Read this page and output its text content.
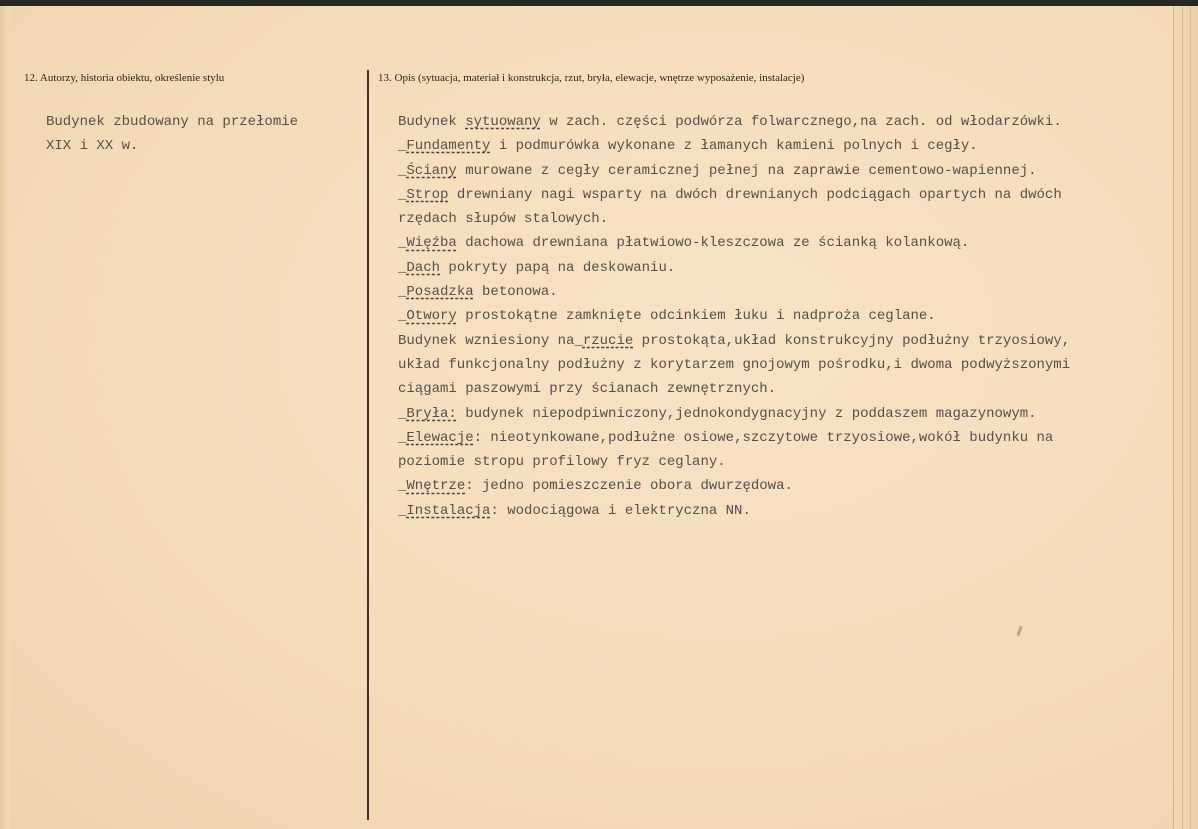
12. Autorzy, historia obiektu, określenie stylu	13. Opis (sytuacja, materiał i konstrukcja, rzut, bryła, elewacje, wnętrze wyposażenie, instalacje)
Budynek zbudowany na przełomie
XIX i XX w.
Budynek sytuowany w zach. części podwórza folwarcznego,na zach. od włodarzówki.
_Fundamenty i podmurówka wykonane z łamanych kamieni polnych i cegły.
_Ściany murowane z cegły ceramicznej pełnej na zaprawie cementowo-wapiennej.
_Strop drewniany nagi wsparty na dwóch drewnianych podciągach opartych na dwóch
rzędach słupów stalowych.
_Więźba dachowa drewniana płatwiowo-kleszczowa ze ścianką kolankową.
_Dach pokryty papą na deskowaniu.
_Posadzka betonowa.
_Otwory prostokątne zamknięte odcinkiem łuku i nadproża ceglane.
Budynek wzniesiony na_rzucie prostokąta,układ konstrukcyjny podłużny trzyosiowy,
układ funkcjonalny podłużny z korytarzem gnojowym pośrodku,i dwoma podwyższonymi
ciągami paszowymi przy ścianach zewnętrznych.
_Bryła: budynek niepodpiwniczony,jednokondygnacyjny z poddaszem magazynowym.
_Elewacje: nieotynkowane,podłużne osiowe,szczytowe trzyosiowe,wokół budynku na
poziomie stropu profilowy fryz ceglany.
_Wnętrze: jedno pomieszczenie obora dwurzędowa.
_Instalacja: wodociągowa i elektryczna NN.
